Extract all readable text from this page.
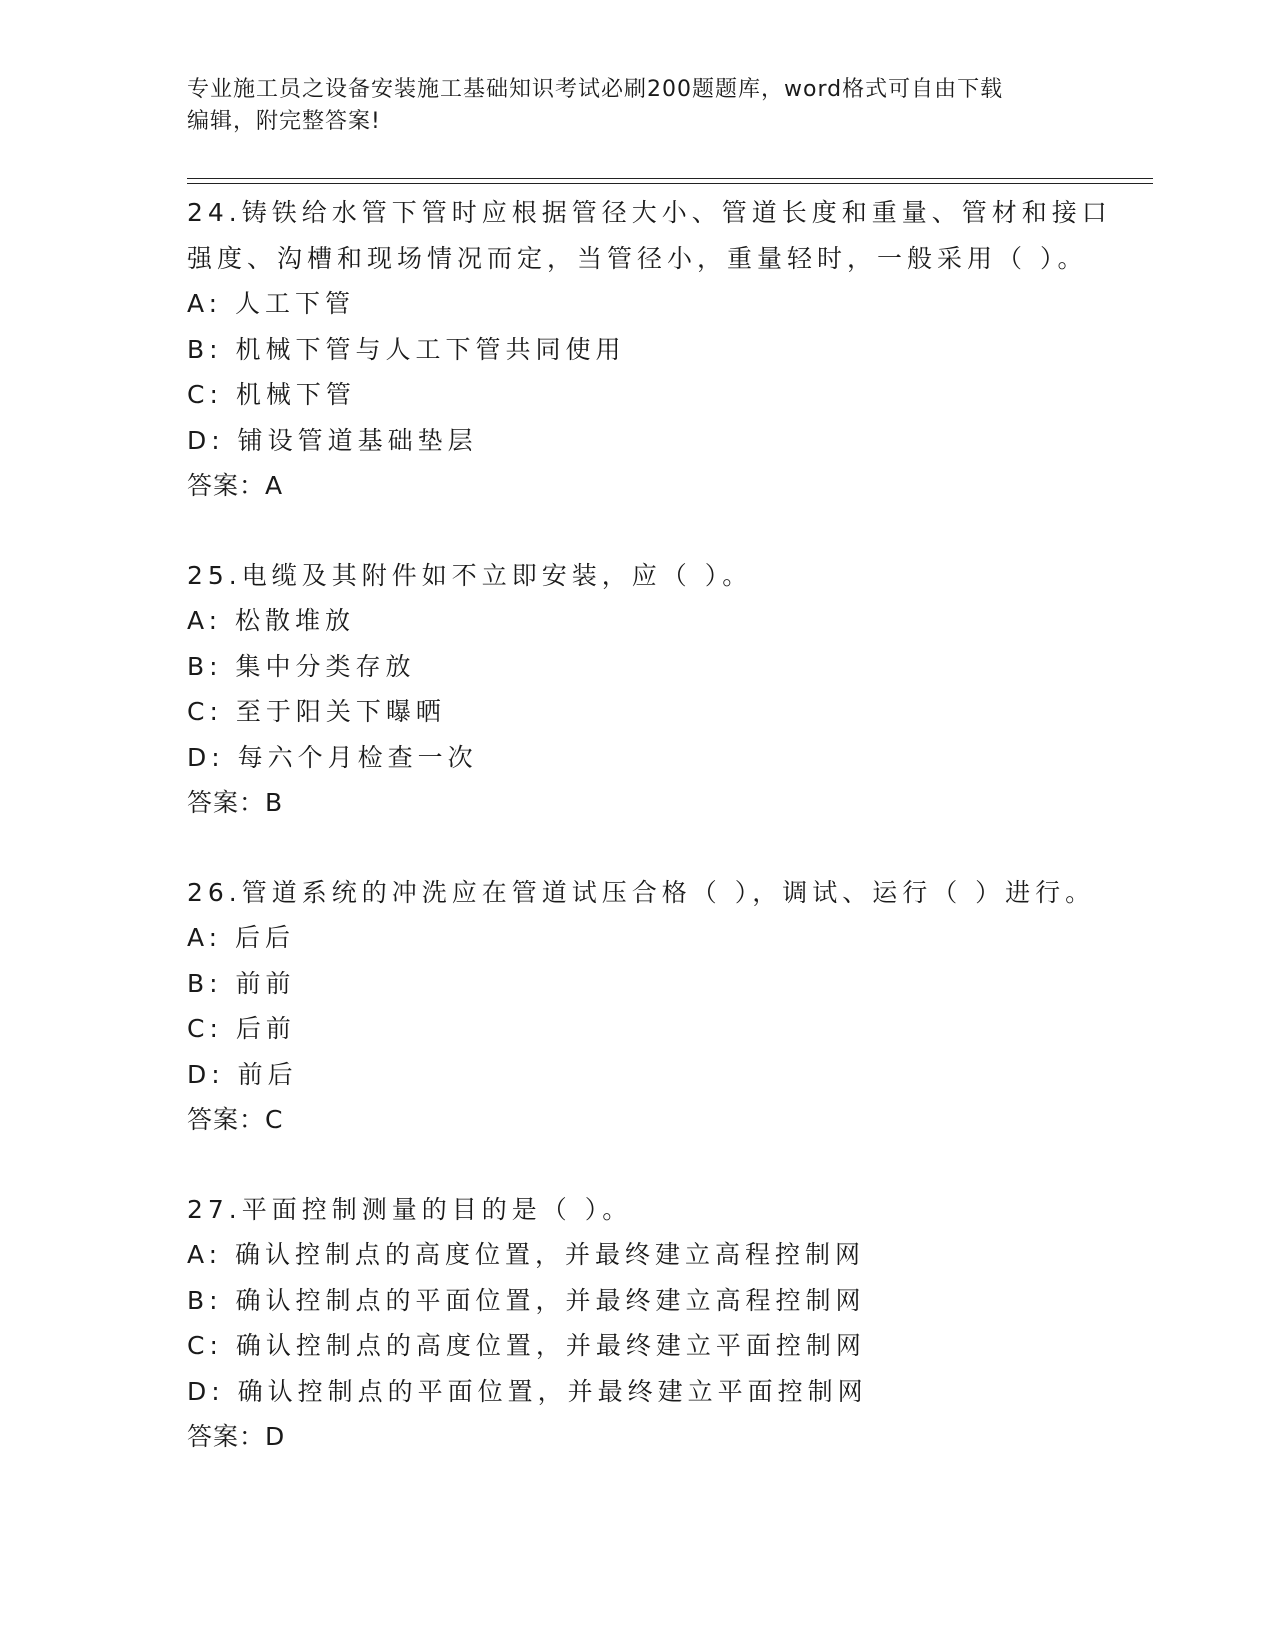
专业施工员之设备安装施工基础知识考试必刷200题题库，word格式可自由下载
编辑，附完整答案!
24.铸铁给水管下管时应根据管径大小、管道长度和重量、管材和接口
强度、沟槽和现场情况而定，当管径小，重量轻时，一般采用（ ）。
A: 人工下管
B: 机械下管与人工下管共同使用
C: 机械下管
D: 铺设管道基础垫层
答案：A
25.电缆及其附件如不立即安装，应（ ）。
A: 松散堆放
B: 集中分类存放
C: 至于阳关下曝晒
D: 每六个月检查一次
答案：B
26.管道系统的冲洗应在管道试压合格（ ），调试、运行（ ）进行。
A: 后后
B: 前前
C: 后前
D: 前后
答案：C
27.平面控制测量的目的是（ ）。
A: 确认控制点的高度位置，并最终建立高程控制网
B: 确认控制点的平面位置，并最终建立高程控制网
C: 确认控制点的高度位置，并最终建立平面控制网
D: 确认控制点的平面位置，并最终建立平面控制网
答案：D
